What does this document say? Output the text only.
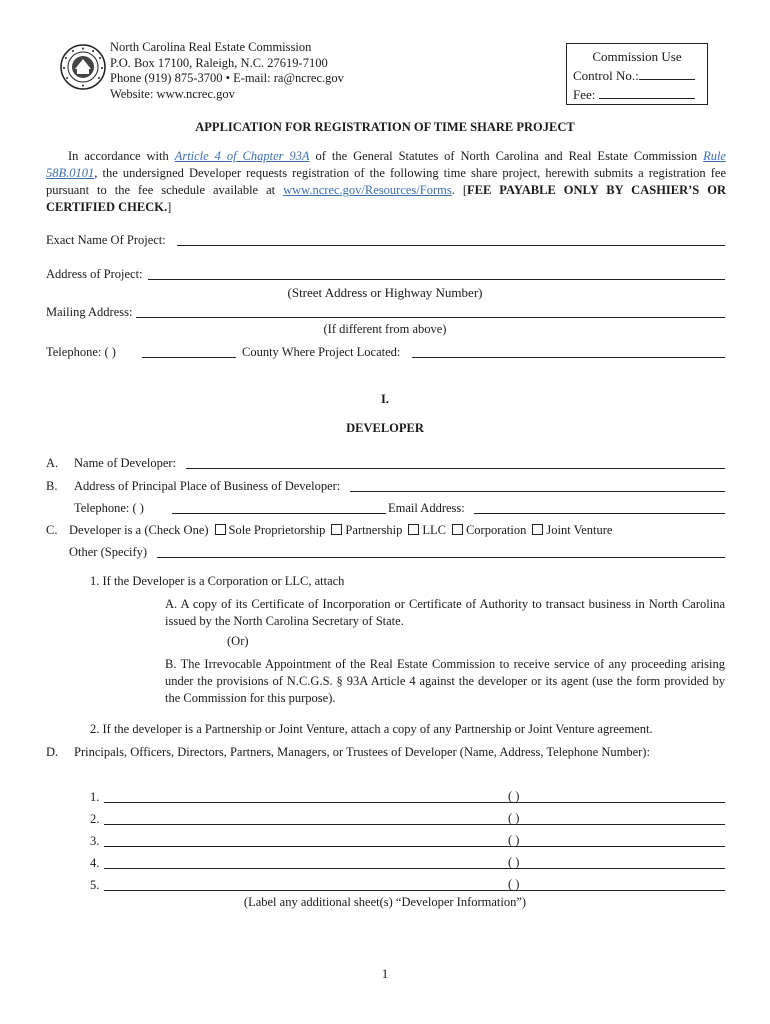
North Carolina Real Estate Commission
P.O. Box 17100, Raleigh, N.C. 27619-7100
Phone (919) 875-3700 • E-mail: ra@ncrec.gov
Website: www.ncrec.gov
Commission Use
Control No.:
Fee:
APPLICATION FOR REGISTRATION OF TIME SHARE PROJECT
In accordance with Article 4 of Chapter 93A of the General Statutes of North Carolina and Real Estate Commission Rule 58B.0101, the undersigned Developer requests registration of the following time share project, herewith submits a registration fee pursuant to the fee schedule available at www.ncrec.gov/Resources/Forms. [FEE PAYABLE ONLY BY CASHIER’S OR CERTIFIED CHECK.]
Exact Name Of Project:
Address of Project:
(Street Address or Highway Number)
Mailing Address:
(If different from above)
Telephone: ( )	County Where Project Located:
I.
DEVELOPER
A. Name of Developer:
B. Address of Principal Place of Business of Developer:
Telephone: ( )	Email Address:
C. Developer is a (Check One) Sole Proprietorship Partnership LLC Corporation Joint Venture
Other (Specify)
1. If the Developer is a Corporation or LLC, attach
A. A copy of its Certificate of Incorporation or Certificate of Authority to transact business in North Carolina issued by the North Carolina Secretary of State.
(Or)
B. The Irrevocable Appointment of the Real Estate Commission to receive service of any proceeding arising under the provisions of N.C.G.S. § 93A Article 4 against the developer or its agent (use the form provided by the Commission for this purpose).
2. If the developer is a Partnership or Joint Venture, attach a copy of any Partnership or Joint Venture agreement.
D. Principals, Officers, Directors, Partners, Managers, or Trustees of Developer (Name, Address, Telephone Number):
1.	( )
2.	( )
3.	( )
4.	( )
5.	( )
(Label any additional sheet(s) “Developer Information”)
1
